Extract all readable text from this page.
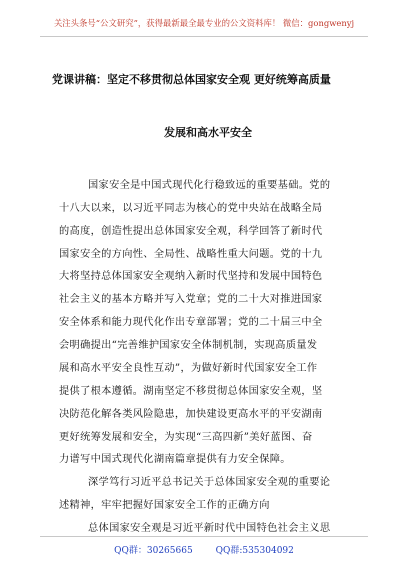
关注头条号“公文研究”，获得最新最全最专业的公文资料库！ 微信：gongwenyj
党课讲稿：坚定不移贯彻总体国家安全观 更好统筹高质量
发展和高水平安全
国家安全是中国式现代化行稳致远的重要基础。党的
十八大以来，以习近平同志为核心的党中央站在战略全局
的高度，创造性提出总体国家安全观，科学回答了新时代
国家安全的方向性、全局性、战略性重大问题。党的十九
大将坚持总体国家安全观纳入新时代坚持和发展中国特色
社会主义的基本方略并写入党章；党的二十大对推进国家
安全体系和能力现代化作出专章部署；党的二十届三中全
会明确提出“完善维护国家安全体制机制，实现高质量发
展和高水平安全良性互动”，为做好新时代国家安全工作
提供了根本遵循。湖南坚定不移贯彻总体国家安全观，坚
决防范化解各类风险隐患，加快建设更高水平的平安湖南
更好统筹发展和安全，为实现“三高四新”美好蓝图、奋
力谱写中国式现代化湖南篇章提供有力安全保障。
深学笃行习近平总书记关于总体国家安全观的重要论
述精神，牢牢把握好国家安全工作的正确方向
总体国家安全观是习近平新时代中国特色社会主义思
QQ群：30265665	QQ群:535304092
